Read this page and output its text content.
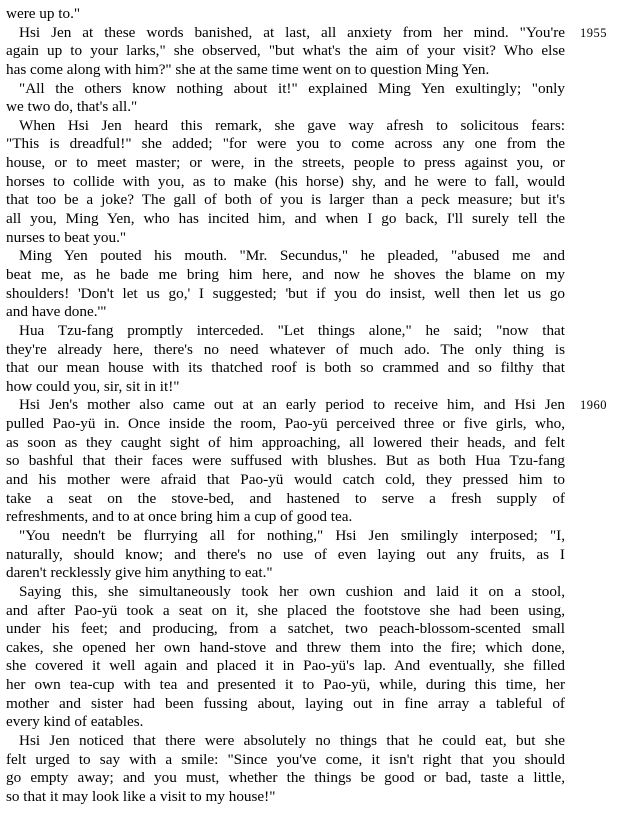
were up to."
Hsi Jen at these words banished, at last, all anxiety from her mind. "You're 1955
again up to your larks," she observed, "but what's the aim of your visit? Who else
has come along with him?" she at the same time went on to question Ming Yen.
"All the others know nothing about it!" explained Ming Yen exultingly; "only
we two do, that's all."
When Hsi Jen heard this remark, she gave way afresh to solicitous fears:
"This is dreadful!" she added; "for were you to come across any one from the
house, or to meet master; or were, in the streets, people to press against you, or
horses to collide with you, as to make (his horse) shy, and he were to fall, would
that too be a joke? The gall of both of you is larger than a peck measure; but it's
all you, Ming Yen, who has incited him, and when I go back, I'll surely tell the
nurses to beat you."
Ming Yen pouted his mouth. "Mr. Secundus," he pleaded, "abused me and
beat me, as he bade me bring him here, and now he shoves the blame on my
shoulders! 'Don't let us go,' I suggested; 'but if you do insist, well then let us go
and have done.'"
Hua Tzu-fang promptly interceded. "Let things alone," he said; "now that
they're already here, there's no need whatever of much ado. The only thing is
that our mean house with its thatched roof is both so crammed and so filthy that
how could you, sir, sit in it!"
Hsi Jen's mother also came out at an early period to receive him, and Hsi Jen 1960
pulled Pao-yü in. Once inside the room, Pao-yü perceived three or five girls, who,
as soon as they caught sight of him approaching, all lowered their heads, and felt
so bashful that their faces were suffused with blushes. But as both Hua Tzu-fang
and his mother were afraid that Pao-yü would catch cold, they pressed him to
take a seat on the stove-bed, and hastened to serve a fresh supply of
refreshments, and to at once bring him a cup of good tea.
"You needn't be flurrying all for nothing," Hsi Jen smilingly interposed; "I,
naturally, should know; and there's no use of even laying out any fruits, as I
daren't recklessly give him anything to eat."
Saying this, she simultaneously took her own cushion and laid it on a stool,
and after Pao-yü took a seat on it, she placed the footstove she had been using,
under his feet; and producing, from a satchet, two peach-blossom-scented small
cakes, she opened her own hand-stove and threw them into the fire; which done,
she covered it well again and placed it in Pao-yü's lap. And eventually, she filled
her own tea-cup with tea and presented it to Pao-yü, while, during this time, her
mother and sister had been fussing about, laying out in fine array a tableful of
every kind of eatables.
Hsi Jen noticed that there were absolutely no things that he could eat, but she
felt urged to say with a smile: "Since you've come, it isn't right that you should
go empty away; and you must, whether the things be good or bad, taste a little,
so that it may look like a visit to my house!"
